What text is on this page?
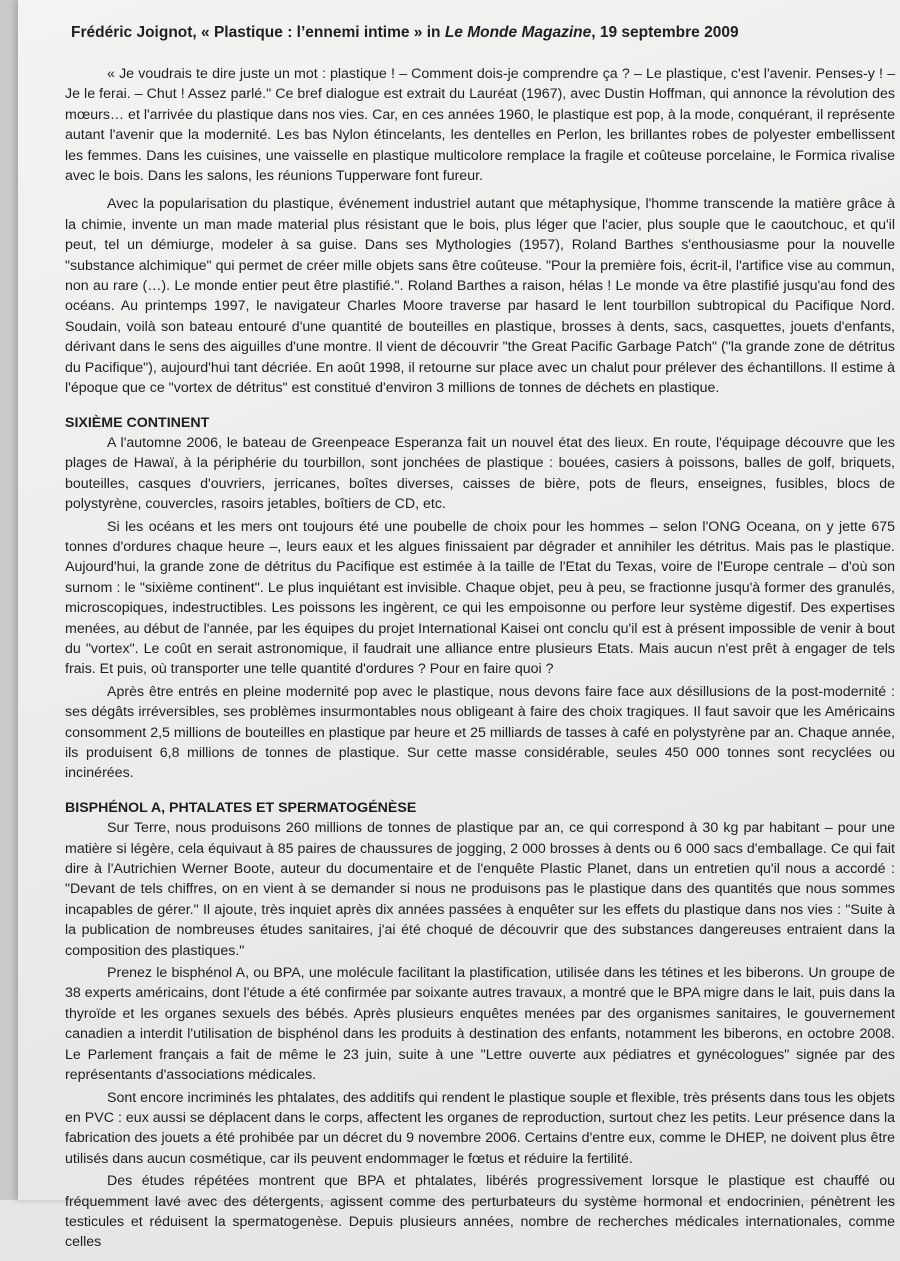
Frédéric Joignot, « Plastique : l’ennemi intime » in Le Monde Magazine, 19 septembre 2009

« Je voudrais te dire juste un mot : plastique ! – Comment dois-je comprendre ça ? – Le plastique, c'est l'avenir. Penses-y ! – Je le ferai. – Chut ! Assez parlé." Ce bref dialogue est extrait du Lauréat (1967), avec Dustin Hoffman, qui annonce la révolution des mœurs… et l'arrivée du plastique dans nos vies. Car, en ces années 1960, le plastique est pop, à la mode, conquérant, il représente autant l'avenir que la modernité. Les bas Nylon étincelants, les dentelles en Perlon, les brillantes robes de polyester embellissent les femmes. Dans les cuisines, une vaisselle en plastique multicolore remplace la fragile et coûteuse porcelaine, le Formica rivalise avec le bois. Dans les salons, les réunions Tupperware font fureur.

Avec la popularisation du plastique, événement industriel autant que métaphysique, l'homme transcende la matière grâce à la chimie, invente un man made material plus résistant que le bois, plus léger que l'acier, plus souple que le caoutchouc, et qu'il peut, tel un démiurge, modeler à sa guise. Dans ses Mythologies (1957), Roland Barthes s'enthousiasme pour la nouvelle "substance alchimique" qui permet de créer mille objets sans être coûteuse. "Pour la première fois, écrit-il, l'artifice vise au commun, non au rare (…). Le monde entier peut être plastifié.". Roland Barthes a raison, hélas ! Le monde va être plastifié jusqu'au fond des océans. Au printemps 1997, le navigateur Charles Moore traverse par hasard le lent tourbillon subtropical du Pacifique Nord. Soudain, voilà son bateau entouré d'une quantité de bouteilles en plastique, brosses à dents, sacs, casquettes, jouets d'enfants, dérivant dans le sens des aiguilles d'une montre. Il vient de découvrir "the Great Pacific Garbage Patch" ("la grande zone de détritus du Pacifique"), aujourd'hui tant décriée. En août 1998, il retourne sur place avec un chalut pour prélever des échantillons. Il estime à l'époque que ce "vortex de détritus" est constitué d'environ 3 millions de tonnes de déchets en plastique.

SIXIÈME CONTINENT

A l'automne 2006, le bateau de Greenpeace Esperanza fait un nouvel état des lieux. En route, l'équipage découvre que les plages de Hawaï, à la périphérie du tourbillon, sont jonchées de plastique : bouées, casiers à poissons, balles de golf, briquets, bouteilles, casques d'ouvriers, jerricanes, boîtes diverses, caisses de bière, pots de fleurs, enseignes, fusibles, blocs de polystyrène, couvercles, rasoirs jetables, boîtiers de CD, etc.

Si les océans et les mers ont toujours été une poubelle de choix pour les hommes – selon l'ONG Oceana, on y jette 675 tonnes d'ordures chaque heure –, leurs eaux et les algues finissaient par dégrader et annihiler les détritus. Mais pas le plastique. Aujourd'hui, la grande zone de détritus du Pacifique est estimée à la taille de l'Etat du Texas, voire de l'Europe centrale – d'où son surnom : le "sixième continent". Le plus inquiétant est invisible. Chaque objet, peu à peu, se fractionne jusqu'à former des granulés, microscopiques, indestructibles. Les poissons les ingèrent, ce qui les empoisonne ou perfore leur système digestif. Des expertises menées, au début de l'année, par les équipes du projet International Kaisei ont conclu qu'il est à présent impossible de venir à bout du "vortex". Le coût en serait astronomique, il faudrait une alliance entre plusieurs Etats. Mais aucun n'est prêt à engager de tels frais. Et puis, où transporter une telle quantité d'ordures ? Pour en faire quoi ?

Après être entrés en pleine modernité pop avec le plastique, nous devons faire face aux désillusions de la post-modernité : ses dégâts irréversibles, ses problèmes insurmontables nous obligeant à faire des choix tragiques. Il faut savoir que les Américains consomment 2,5 millions de bouteilles en plastique par heure et 25 milliards de tasses à café en polystyrène par an. Chaque année, ils produisent 6,8 millions de tonnes de plastique. Sur cette masse considérable, seules 450 000 tonnes sont recyclées ou incinérées.

BISPHÉNOL A, PHTALATES ET SPERMATOGÉNÈSE

Sur Terre, nous produisons 260 millions de tonnes de plastique par an, ce qui correspond à 30 kg par habitant – pour une matière si légère, cela équivaut à 85 paires de chaussures de jogging, 2 000 brosses à dents ou 6 000 sacs d'emballage. Ce qui fait dire à l'Autrichien Werner Boote, auteur du documentaire et de l'enquête Plastic Planet, dans un entretien qu'il nous a accordé : "Devant de tels chiffres, on en vient à se demander si nous ne produisons pas le plastique dans des quantités que nous sommes incapables de gérer." Il ajoute, très inquiet après dix années passées à enquêter sur les effets du plastique dans nos vies : "Suite à la publication de nombreuses études sanitaires, j'ai été choqué de découvrir que des substances dangereuses entraient dans la composition des plastiques."

Prenez le bisphénol A, ou BPA, une molécule facilitant la plastification, utilisée dans les tétines et les biberons. Un groupe de 38 experts américains, dont l'étude a été confirmée par soixante autres travaux, a montré que le BPA migre dans le lait, puis dans la thyroïde et les organes sexuels des bébés. Après plusieurs enquêtes menées par des organismes sanitaires, le gouvernement canadien a interdit l'utilisation de bisphénol dans les produits à destination des enfants, notamment les biberons, en octobre 2008. Le Parlement français a fait de même le 23 juin, suite à une "Lettre ouverte aux pédiatres et gynécologues" signée par des représentants d'associations médicales.

Sont encore incriminés les phtalates, des additifs qui rendent le plastique souple et flexible, très présents dans tous les objets en PVC : eux aussi se déplacent dans le corps, affectent les organes de reproduction, surtout chez les petits. Leur présence dans la fabrication des jouets a été prohibée par un décret du 9 novembre 2006. Certains d'entre eux, comme le DHEP, ne doivent plus être utilisés dans aucun cosmétique, car ils peuvent endommager le fœtus et réduire la fertilité.

Des études répétées montrent que BPA et phtalates, libérés progressivement lorsque le plastique est chauffé ou fréquemment lavé avec des détergents, agissent comme des perturbateurs du système hormonal et endocrinien, pénètrent les testicules et réduisent la spermatogenèse. Depuis plusieurs années, nombre de recherches médicales internationales, comme celles
